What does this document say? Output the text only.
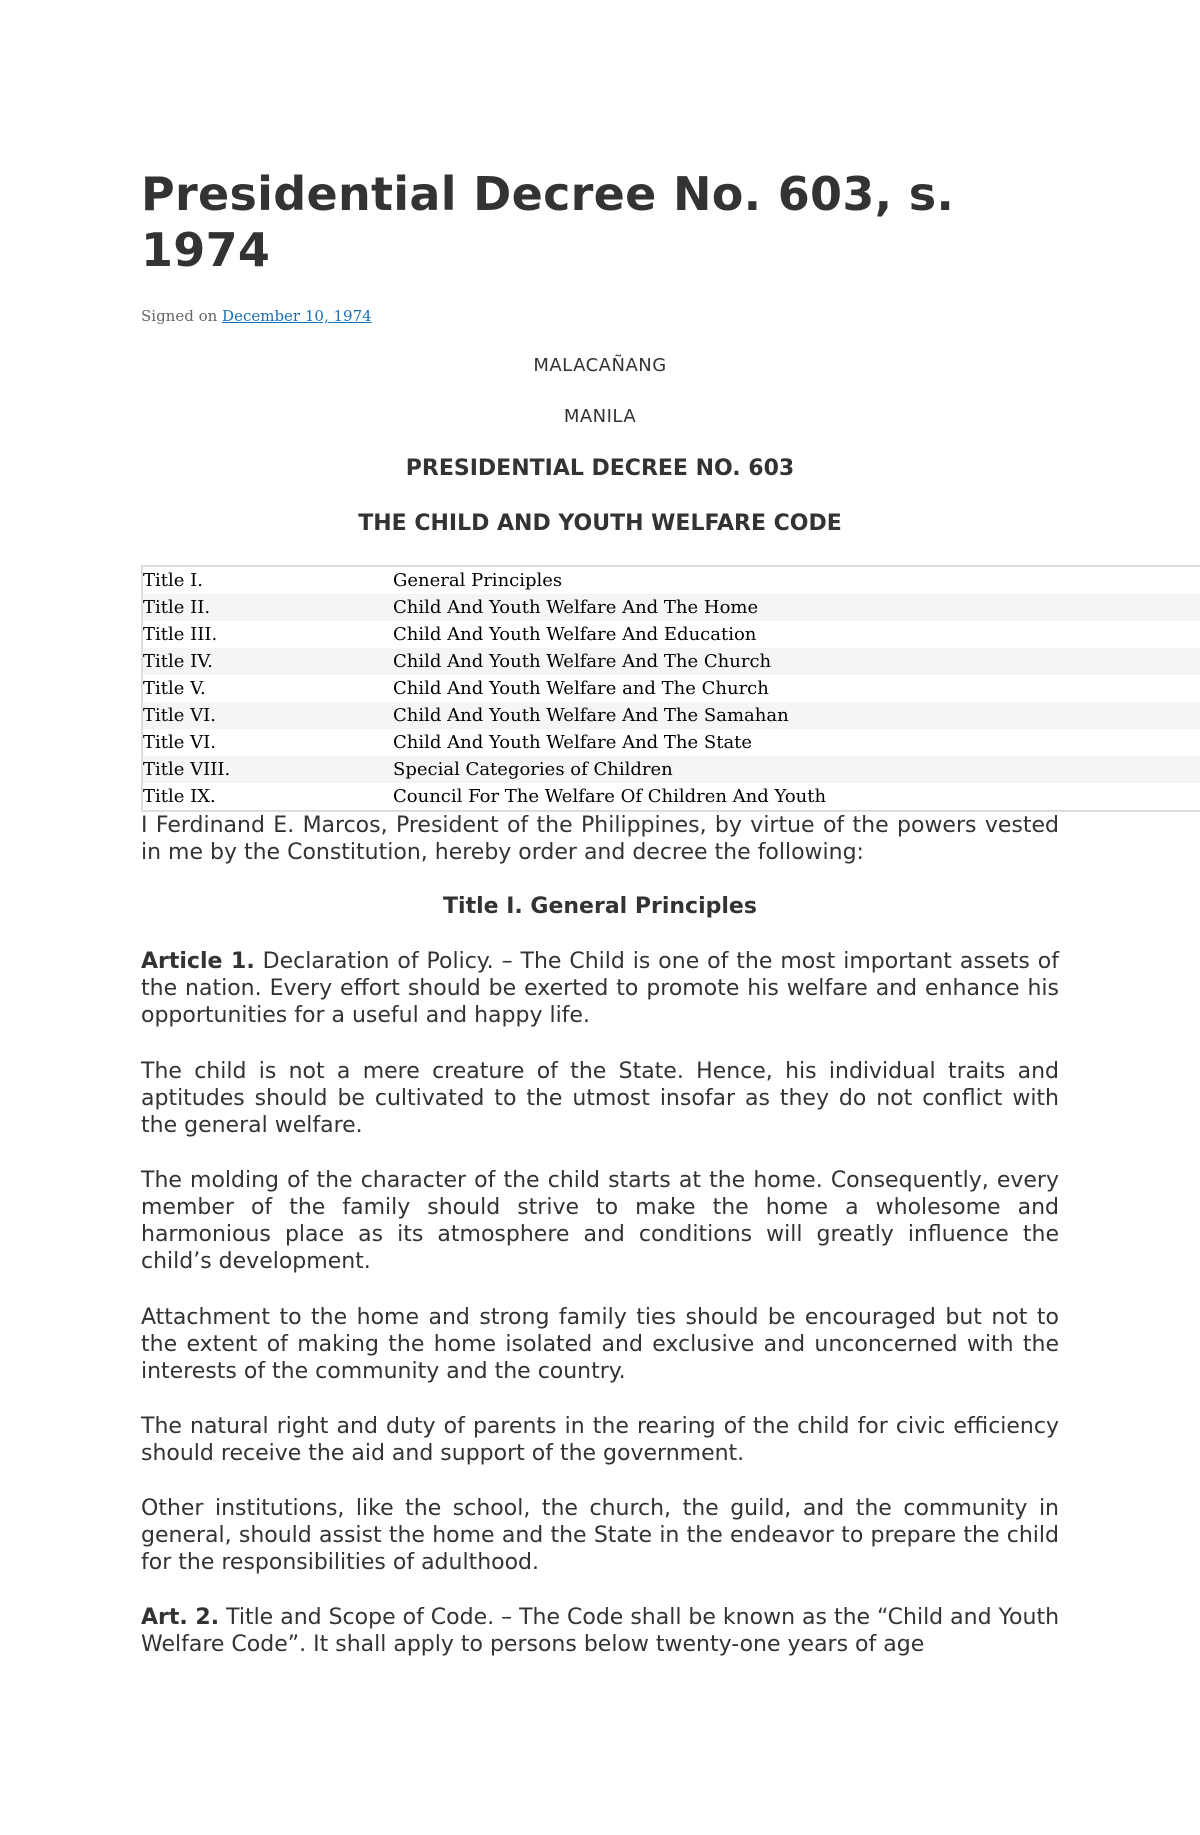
Presidential Decree No. 603, s. 1974
Signed on December 10, 1974
MALACAÑANG
MANILA
PRESIDENTIAL DECREE NO. 603
THE CHILD AND YOUTH WELFARE CODE
Title I.	General Principles
Title II.	Child And Youth Welfare And The Home
Title III.	Child And Youth Welfare And Education
Title IV.	Child And Youth Welfare And The Church
Title V.	Child And Youth Welfare and The Church
Title VI.	Child And Youth Welfare And The Samahan
Title VI.	Child And Youth Welfare And The State
Title VIII.	Special Categories of Children
Title IX.	Council For The Welfare Of Children And Youth

I Ferdinand E. Marcos, President of the Philippines, by virtue of the powers vested in me by the Constitution, hereby order and decree the following:

Title I. General Principles

Article 1. Declaration of Policy. – The Child is one of the most important assets of the nation. Every effort should be exerted to promote his welfare and enhance his opportunities for a useful and happy life.

The child is not a mere creature of the State. Hence, his individual traits and aptitudes should be cultivated to the utmost insofar as they do not conflict with the general welfare.

The molding of the character of the child starts at the home. Consequently, every member of the family should strive to make the home a wholesome and harmonious place as its atmosphere and conditions will greatly influence the child’s development.

Attachment to the home and strong family ties should be encouraged but not to the extent of making the home isolated and exclusive and unconcerned with the interests of the community and the country.

The natural right and duty of parents in the rearing of the child for civic efficiency should receive the aid and support of the government.

Other institutions, like the school, the church, the guild, and the community in general, should assist the home and the State in the endeavor to prepare the child for the responsibilities of adulthood.

Art. 2. Title and Scope of Code. – The Code shall be known as the “Child and Youth Welfare Code”. It shall apply to persons below twenty-one years of age
